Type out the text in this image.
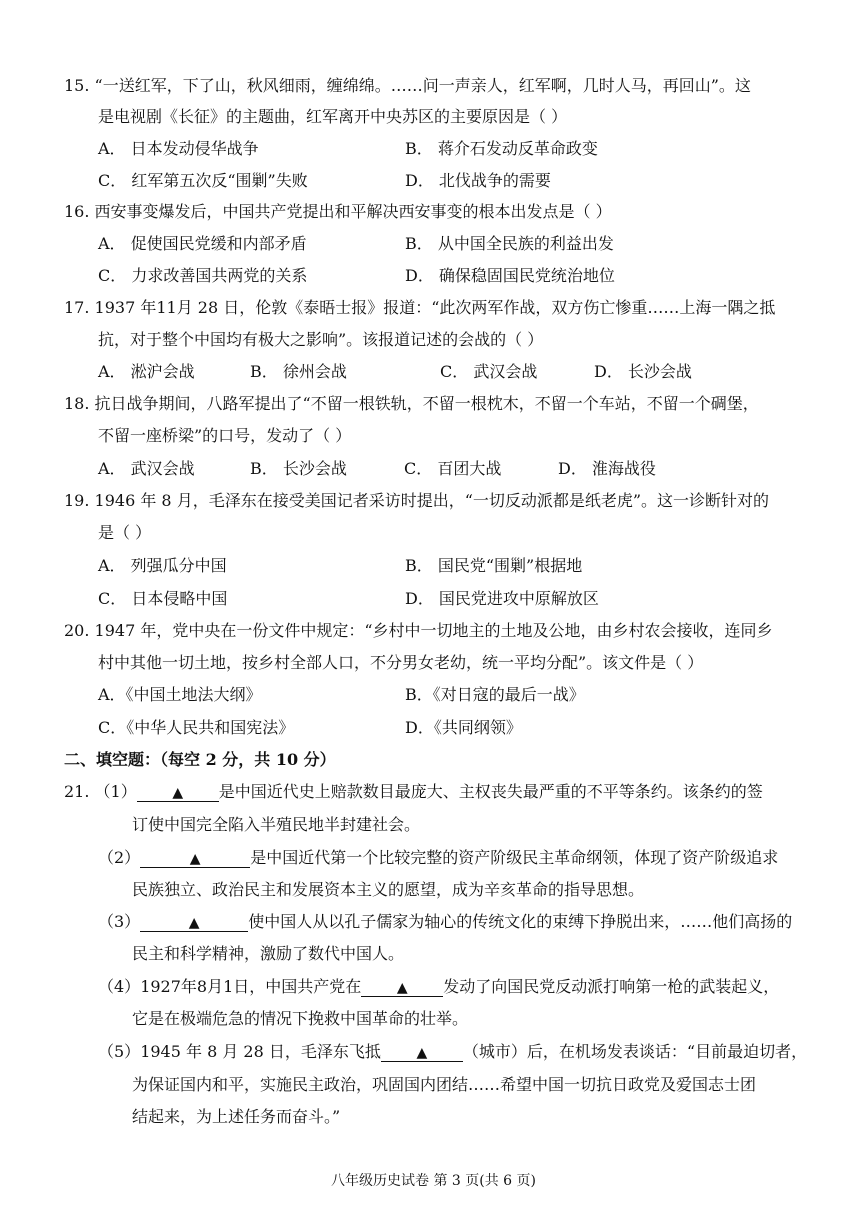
15. “一送红军，下了山，秋风细雨，缠绵绵。……问一声亲人，红军啊，几时人马，再回山”。这
是电视剧《长征》的主题曲，红军离开中央苏区的主要原因是（ ）
A． 日本发动侵华战争	B． 蒋介石发动反革命政变
C． 红军第五次反“围剿”失败	D． 北伐战争的需要
16. 西安事变爆发后，中国共产党提出和平解决西安事变的根本出发点是（ ）
A． 促使国民党缓和内部矛盾	B． 从中国全民族的利益出发
C． 力求改善国共两党的关系	D． 确保稳固国民党统治地位
17. 1937 年11月 28 日，伦敦《泰晤士报》报道：“此次两军作战，双方伤亡惨重……上海一隅之抵
抗，对于整个中国均有极大之影响”。该报道记述的会战的（ ）
A． 淞沪会战	B． 徐州会战	C． 武汉会战	D． 长沙会战
18. 抗日战争期间，八路军提出了“不留一根铁轨，不留一根枕木，不留一个车站，不留一个碉堡，
不留一座桥梁”的口号，发动了（ ）
A． 武汉会战	B． 长沙会战	C． 百团大战	D． 淮海战役
19. 1946 年 8 月，毛泽东在接受美国记者采访时提出，“一切反动派都是纸老虎”。这一诊断针对的
是（ ）
A． 列强瓜分中国	B． 国民党“围剿”根据地
C． 日本侵略中国	D． 国民党进攻中原解放区
20. 1947 年，党中央在一份文件中规定：“乡村中一切地主的土地及公地，由乡村农会接收，连同乡
村中其他一切土地，按乡村全部人口，不分男女老幼，统一平均分配”。该文件是（ ）
A．《中国土地法大纲》	B．《对日寇的最后一战》
C．《中华人民共和国宪法》	D．《共同纲领》
二、填空题：（每空 2 分，共 10 分）
21. （1）	▲ 是中国近代史上赔款数目最庞大、主权丧失最严重的不平等条约。该条约的签
订使中国完全陷入半殖民地半封建社会。
（2）	▲	是中国近代第一个比较完整的资产阶级民主革命纲领，体现了资产阶级追求
民族独立、政治民主和发展资本主义的愿望，成为辛亥革命的指导思想。
（3）	▲	使中国人从以孔子儒家为轴心的传统文化的束缚下挣脱出来，……他们高扬的
民主和科学精神，激励了数代中国人。
（4）1927年8月1日，中国共产党在	▲ 发动了向国民党反动派打响第一枪的武装起义，
它是在极端危急的情况下挽救中国革命的壮举。
（5）1945 年 8 月 28 日，毛泽东飞抵	▲ （城市）后，在机场发表谈话：“目前最迫切者，
为保证国内和平，实施民主政治，巩固国内团结……希望中国一切抗日政党及爱国志士团
结起来，为上述任务而奋斗。”
八年级历史试卷 第 3 页(共 6 页)
